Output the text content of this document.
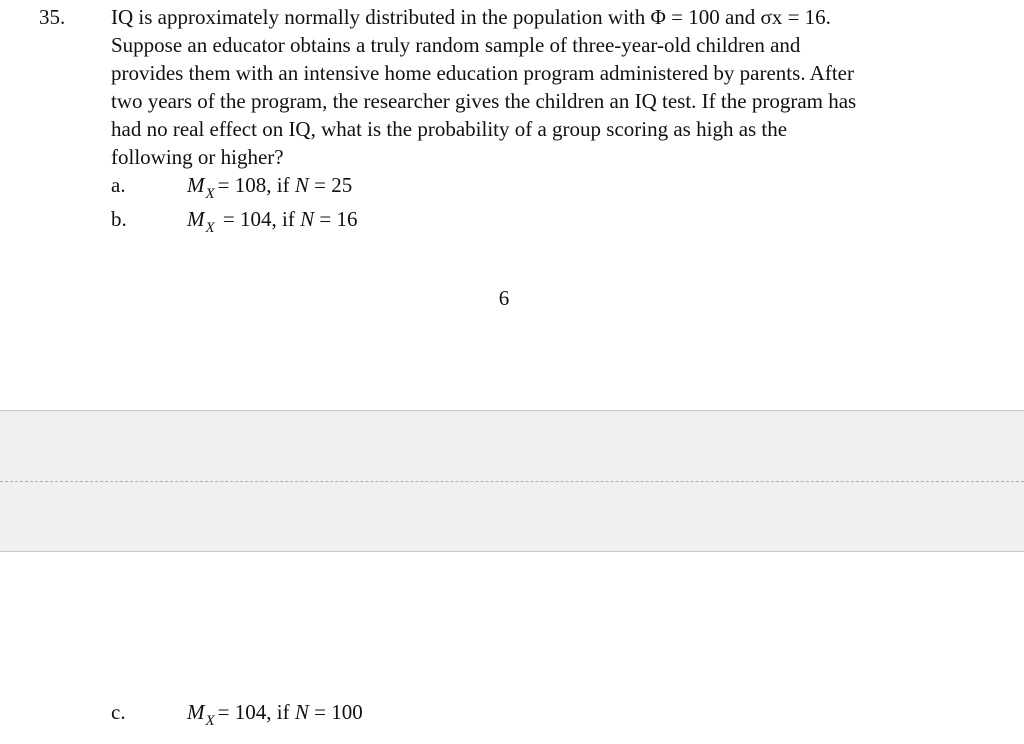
35. IQ is approximately normally distributed in the population with Φ = 100 and σx = 16.
Suppose an educator obtains a truly random sample of three-year-old children and
provides them with an intensive home education program administered by parents. After
two years of the program, the researcher gives the children an IQ test. If the program has
had no real effect on IQ, what is the probability of a group scoring as high as the
following or higher?
a.	$M_X = 108$, if N = 25
b.	$M_X = 104$, if N = 16
6
c.	$M_X = 104$, if N = 100
